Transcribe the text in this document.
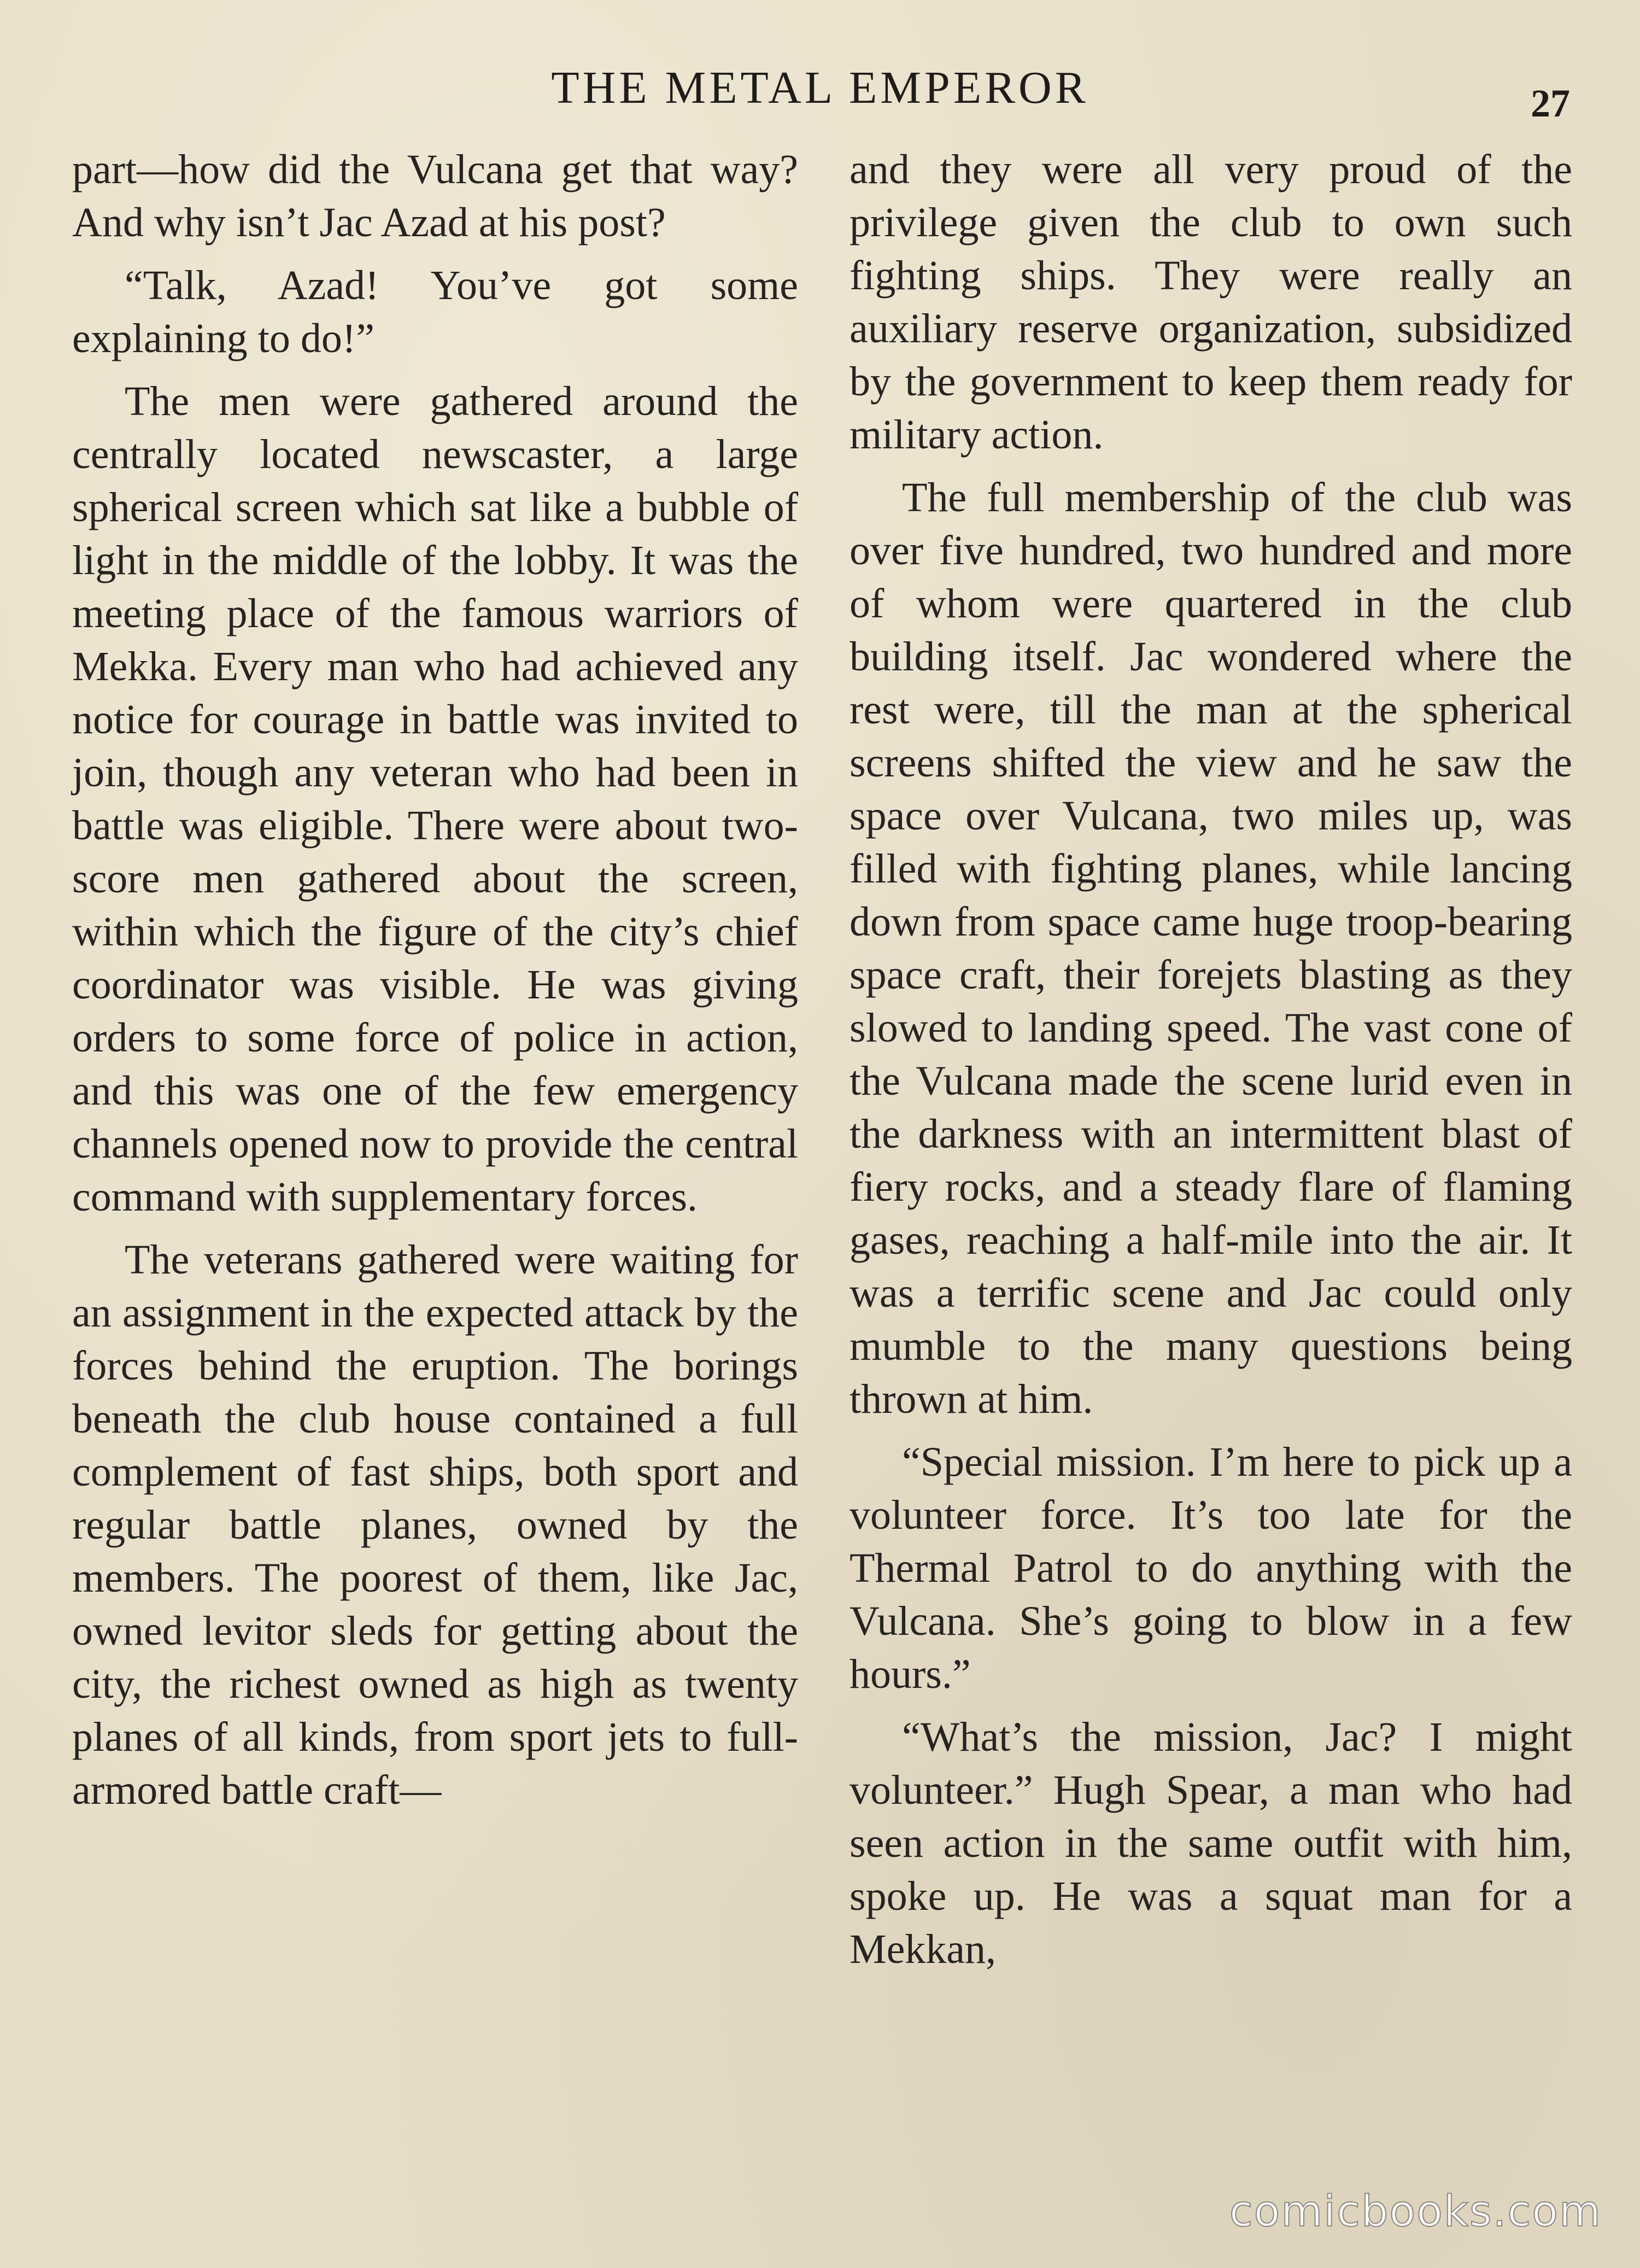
THE METAL EMPEROR	27

part—how did the Vulcana get that way? And why isn’t Jac Azad at his post?

“Talk, Azad! You’ve got some explaining to do!”

The men were gathered around the centrally located newscaster, a large spherical screen which sat like a bubble of light in the middle of the lobby. It was the meeting place of the famous warriors of Mekka. Every man who had achieved any notice for courage in battle was invited to join, though any veteran who had been in battle was eligible. There were about two-score men gathered about the screen, within which the figure of the city’s chief coordinator was visible. He was giving orders to some force of police in action, and this was one of the few emergency channels opened now to provide the central command with supplementary forces.

The veterans gathered were waiting for an assignment in the expected attack by the forces behind the eruption. The borings beneath the club house contained a full complement of fast ships, both sport and regular battle planes, owned by the members. The poorest of them, like Jac, owned levitor sleds for getting about the city, the richest owned as high as twenty planes of all kinds, from sport jets to full-armored battle craft—

and they were all very proud of the privilege given the club to own such fighting ships. They were really an auxiliary reserve organization, subsidized by the government to keep them ready for military action.

The full membership of the club was over five hundred, two hundred and more of whom were quartered in the club building itself. Jac wondered where the rest were, till the man at the spherical screens shifted the view and he saw the space over Vulcana, two miles up, was filled with fighting planes, while lancing down from space came huge troop-bearing space craft, their forejets blasting as they slowed to landing speed. The vast cone of the Vulcana made the scene lurid even in the darkness with an intermittent blast of fiery rocks, and a steady flare of flaming gases, reaching a half-mile into the air. It was a terrific scene and Jac could only mumble to the many questions being thrown at him.

“Special mission. I’m here to pick up a volunteer force. It’s too late for the Thermal Patrol to do anything with the Vulcana. She’s going to blow in a few hours.”

“What’s the mission, Jac? I might volunteer.” Hugh Spear, a man who had seen action in the same outfit with him, spoke up. He was a squat man for a Mekkan,

comicbooks.com
